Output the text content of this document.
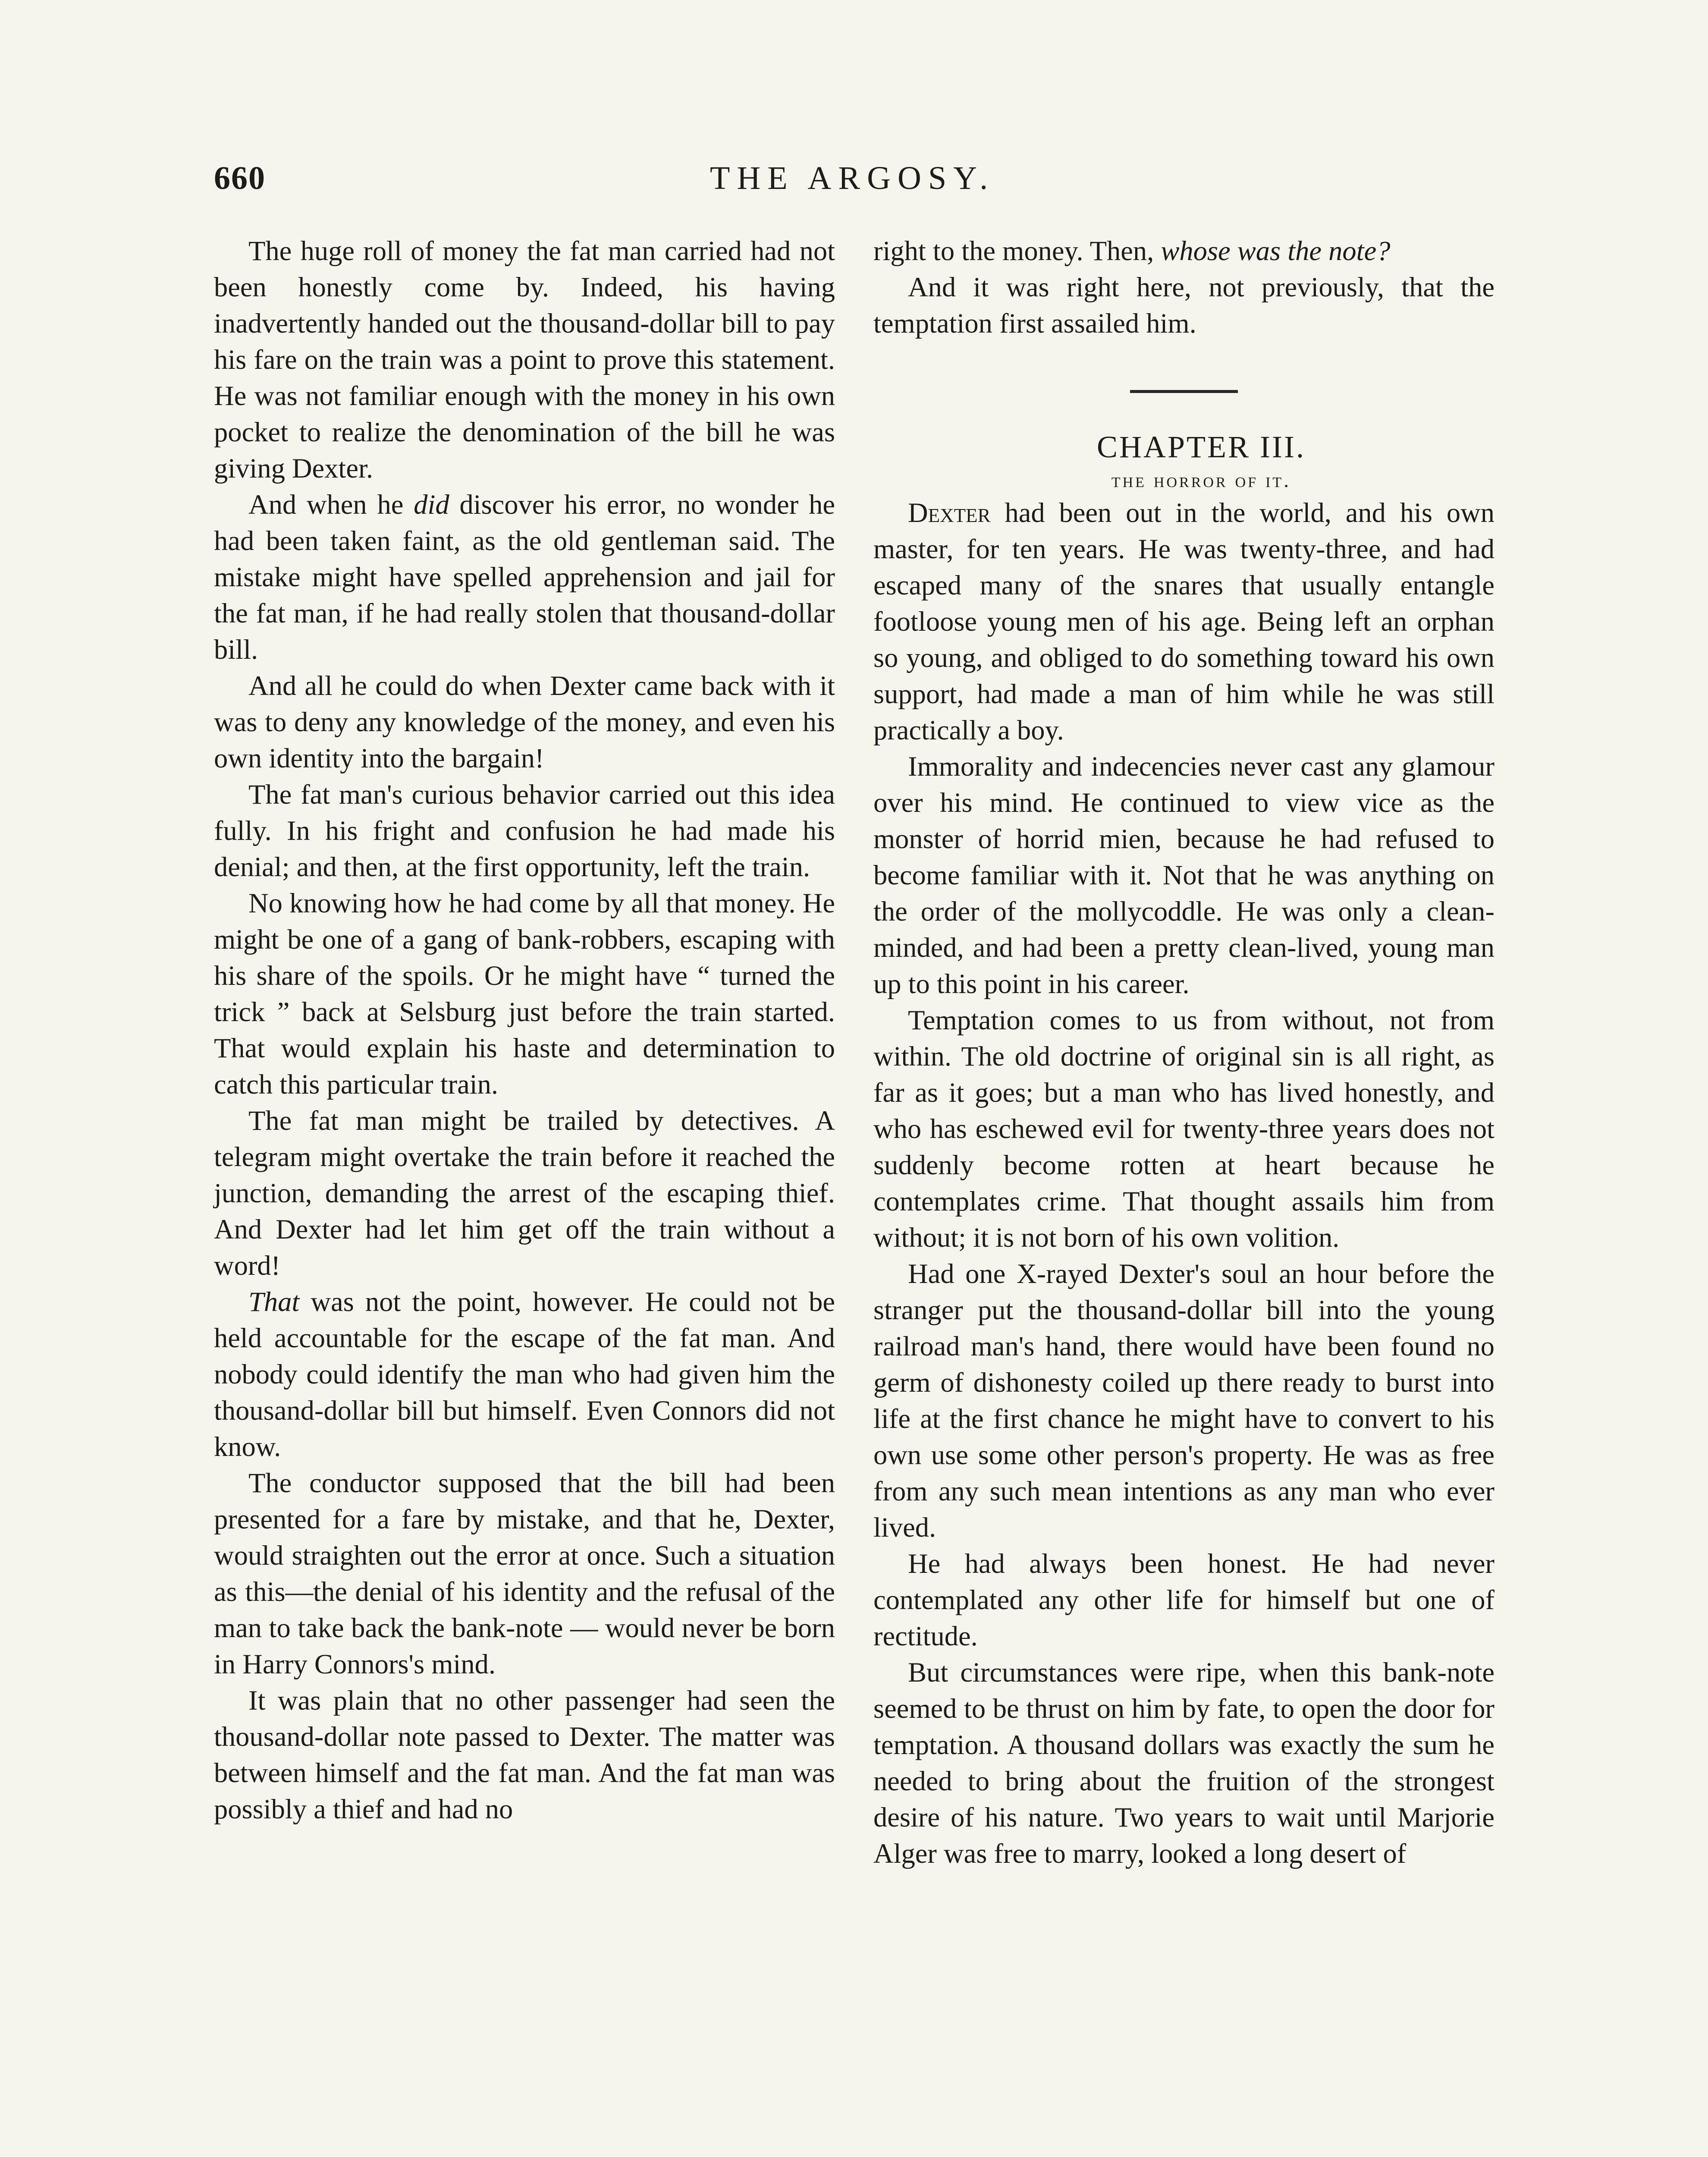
660	THE ARGOSY.

The huge roll of money the fat man carried had not been honestly come by. Indeed, his having inadvertently handed out the thousand-dollar bill to pay his fare on the train was a point to prove this statement. He was not familiar enough with the money in his own pocket to realize the denomination of the bill he was giving Dexter.

And when he did discover his error, no wonder he had been taken faint, as the old gentleman said. The mistake might have spelled apprehension and jail for the fat man, if he had really stolen that thousand-dollar bill.

And all he could do when Dexter came back with it was to deny any knowledge of the money, and even his own identity into the bargain!

The fat man's curious behavior carried out this idea fully. In his fright and confusion he had made his denial; and then, at the first opportunity, left the train.

No knowing how he had come by all that money. He might be one of a gang of bank-robbers, escaping with his share of the spoils. Or he might have “ turned the trick ” back at Selsburg just before the train started. That would explain his haste and determination to catch this particular train.

The fat man might be trailed by detectives. A telegram might overtake the train before it reached the junction, demanding the arrest of the escaping thief. And Dexter had let him get off the train without a word!

That was not the point, however. He could not be held accountable for the escape of the fat man. And nobody could identify the man who had given him the thousand-dollar bill but himself. Even Connors did not know.

The conductor supposed that the bill had been presented for a fare by mistake, and that he, Dexter, would straighten out the error at once. Such a situation as this—the denial of his identity and the refusal of the man to take back the bank-note — would never be born in Harry Connors's mind.

It was plain that no other passenger had seen the thousand-dollar note passed to Dexter. The matter was between himself and the fat man. And the fat man was possibly a thief and had no

right to the money. Then, whose was the note?

And it was right here, not previously, that the temptation first assailed him.

CHAPTER III.

the horror of it.

Dexter had been out in the world, and his own master, for ten years. He was twenty-three, and had escaped many of the snares that usually entangle footloose young men of his age. Being left an orphan so young, and obliged to do something toward his own support, had made a man of him while he was still practically a boy.

Immorality and indecencies never cast any glamour over his mind. He continued to view vice as the monster of horrid mien, because he had refused to become familiar with it. Not that he was anything on the order of the mollycoddle. He was only a clean-minded, and had been a pretty clean-lived, young man up to this point in his career.

Temptation comes to us from without, not from within. The old doctrine of original sin is all right, as far as it goes; but a man who has lived honestly, and who has eschewed evil for twenty-three years does not suddenly become rotten at heart because he contemplates crime. That thought assails him from without; it is not born of his own volition.

Had one X-rayed Dexter's soul an hour before the stranger put the thousand-dollar bill into the young railroad man's hand, there would have been found no germ of dishonesty coiled up there ready to burst into life at the first chance he might have to convert to his own use some other person's property. He was as free from any such mean intentions as any man who ever lived.

He had always been honest. He had never contemplated any other life for himself but one of rectitude.

But circumstances were ripe, when this bank-note seemed to be thrust on him by fate, to open the door for temptation. A thousand dollars was exactly the sum he needed to bring about the fruition of the strongest desire of his nature. Two years to wait until Marjorie Alger was free to marry, looked a long desert of
